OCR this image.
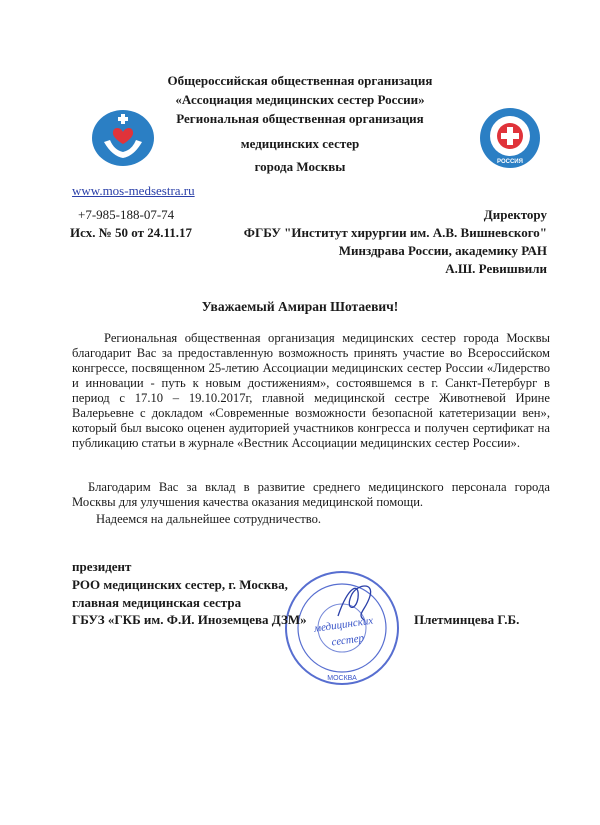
РОССИЯ
Общероссийская общественная организация
«Ассоциация медицинских сестер России»
Региональная общественная организация
медицинских сестер
города Москвы
www.mos-medsestra.ru
+7-985-188-07-74
Исх. № 50 от 24.11.17
Директору
ФГБУ "Институт хирургии им. А.В. Вишневского"
Минздрава России, академику РАН
А.Ш. Ревишвили
Уважаемый Амиран Шотаевич!
Региональная общественная организация медицинских сестер города Москвы благодарит Вас за предоставленную возможность принять участие во Всероссийском конгрессе, посвященном 25-летию Ассоциации медицинских сестер России «Лидерство и инновации - путь к новым достижениям», состоявшемся в г. Санкт-Петербург в период с 17.10 – 19.10.2017г, главной медицинской сестре Животневой Ирине Валерьевне с докладом «Современные возможности безопасной катетеризации вен», который был высоко оценен аудиторией участников конгресса и получен сертификат на публикацию статьи в журнале «Вестник Ассоциации медицинских сестер России».
Благодарим Вас за вклад в развитие среднего медицинского персонала города Москвы для улучшения качества оказания медицинской помощи.
Надеемся на дальнейшее сотрудничество.
медицинских
сестер
МОСКВА
президент
РОО медицинских сестер, г. Москва,
главная медицинская сестра
ГБУЗ «ГКБ им. Ф.И. Иноземцева ДЗМ»	Плетминцева Г.Б.
